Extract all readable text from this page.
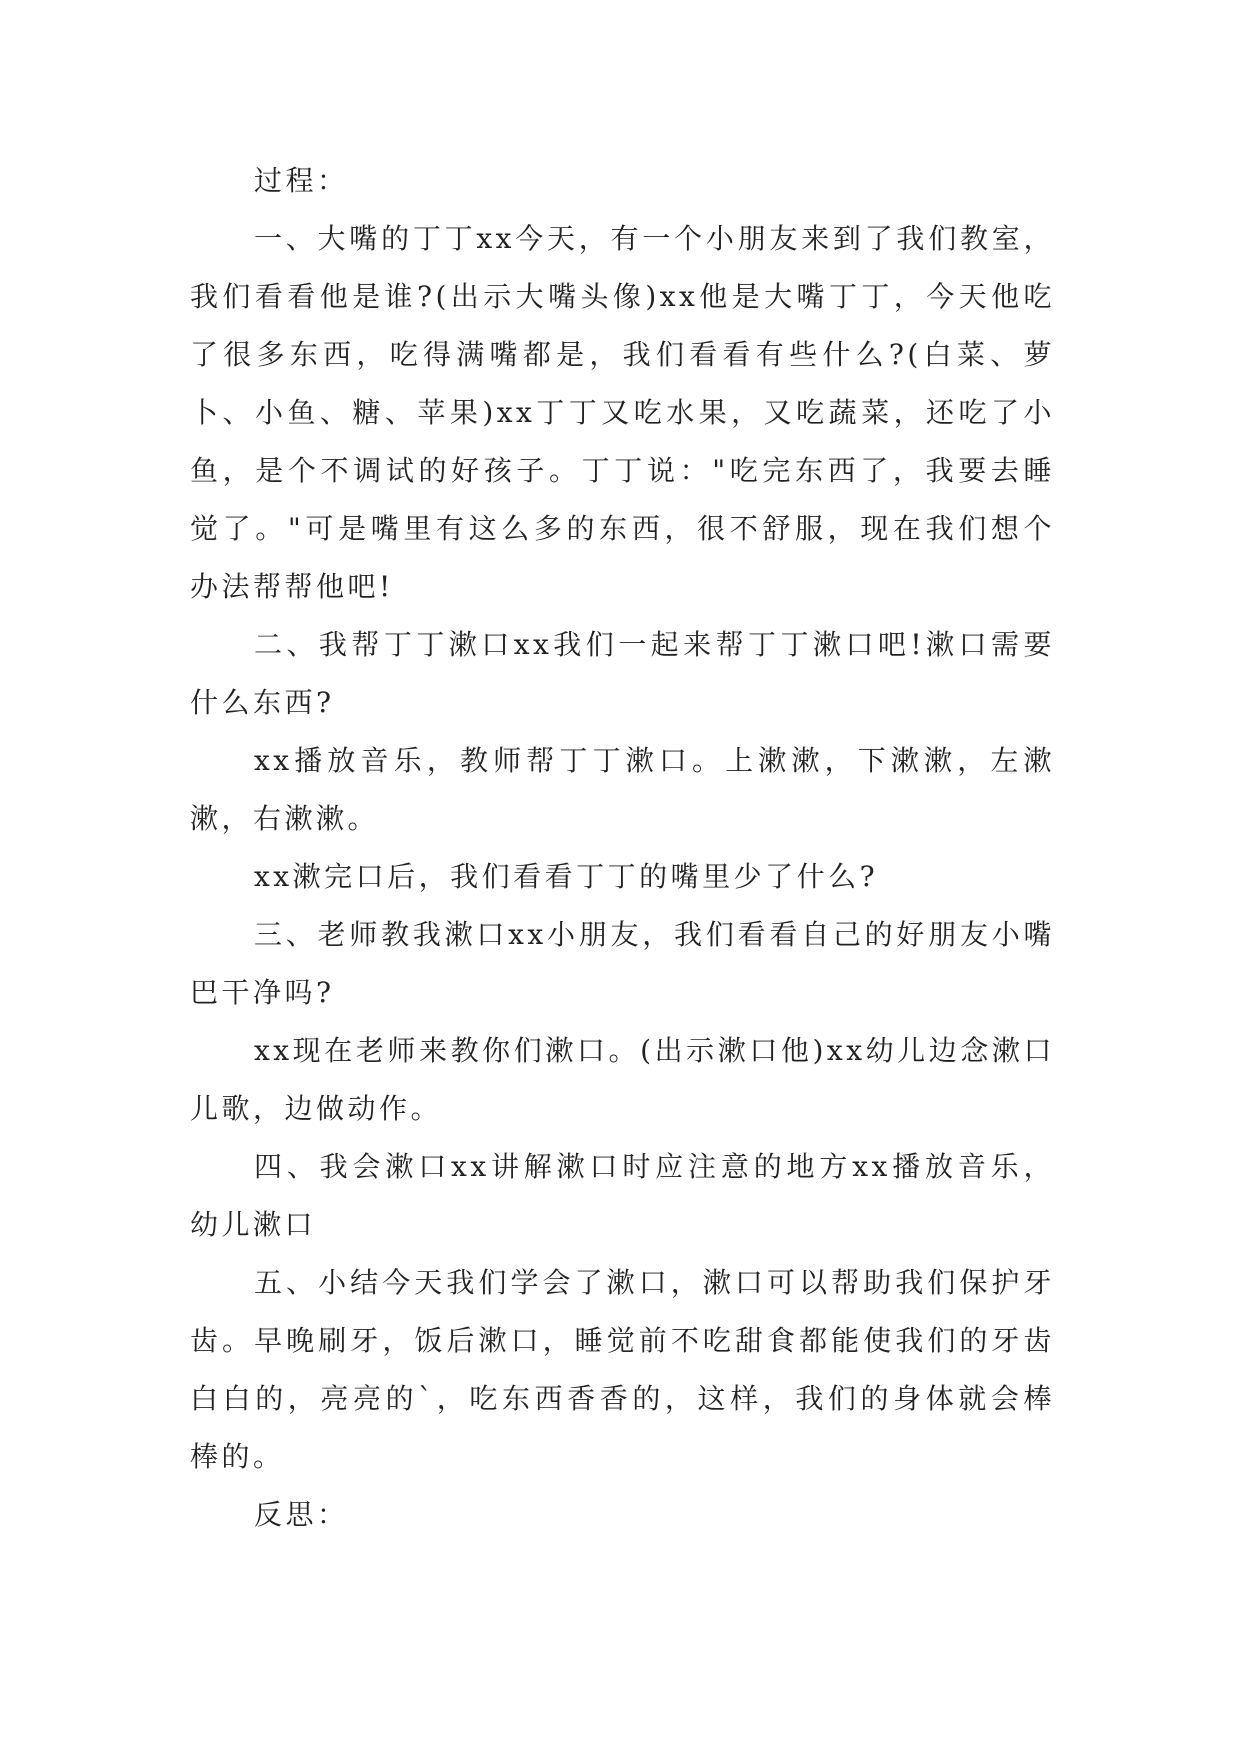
过程：

一、大嘴的丁丁xx今天，有一个小朋友来到了我们教室，我们看看他是谁?(出示大嘴头像)xx他是大嘴丁丁，今天他吃了很多东西，吃得满嘴都是，我们看看有些什么?(白菜、萝卜、小鱼、糖、苹果)xx丁丁又吃水果，又吃蔬菜，还吃了小鱼，是个不调试的好孩子。丁丁说："吃完东西了，我要去睡觉了。"可是嘴里有这么多的东西，很不舒服，现在我们想个办法帮帮他吧!

二、我帮丁丁漱口xx我们一起来帮丁丁漱口吧!漱口需要什么东西?

xx播放音乐，教师帮丁丁漱口。上漱漱，下漱漱，左漱漱，右漱漱。

xx漱完口后，我们看看丁丁的嘴里少了什么?

三、老师教我漱口xx小朋友，我们看看自己的好朋友小嘴巴干净吗?

xx现在老师来教你们漱口。(出示漱口他)xx幼儿边念漱口儿歌，边做动作。

四、我会漱口xx讲解漱口时应注意的地方xx播放音乐，幼儿漱口

五、小结今天我们学会了漱口，漱口可以帮助我们保护牙齿。早晚刷牙，饭后漱口，睡觉前不吃甜食都能使我们的牙齿白白的，亮亮的`，吃东西香香的，这样，我们的身体就会棒棒的。

反思：
